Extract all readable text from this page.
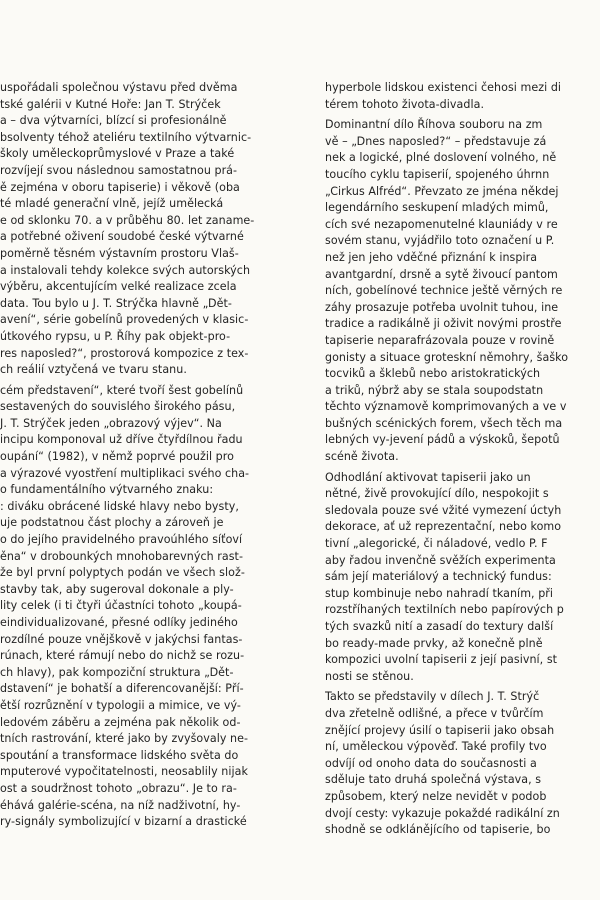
uspořádali společnou výstavu před dvěma
tské galérii v Kutné Hoře: Jan T. Strýček
a – dva výtvarníci, blízcí si profesionálně
bsolventy téhož ateliéru textilního výtvarnic-
školy uměleckoprůmyslové v Praze a také
rozvíjejí svou následnou samostatnou prá-
ě zejména v oboru tapiserie) i věkově (oba
té mladé generační vlně, jejíž umělecká
e od sklonku 70. a v průběhu 80. let zaname-
a potřebné oživení soudobé české výtvarné
poměrně těsném výstavním prostoru Vlaš-
a instalovali tehdy kolekce svých autorských
výběru, akcentujícím velké realizace zcela
data. Tou bylo u J. T. Strýčka hlavně „Dět-
avení“, série gobelínů provedených v klasic-
útkového rypsu, u P. Říhy pak objekt-pro-
res naposled?“, prostorová kompozice z tex-
ch reálií vztyčená ve tvaru stanu.
cém představení“, které tvoří šest gobelínů
sestavených do souvislého širokého pásu,
J. T. Strýček jeden „obrazový výjev“. Na
incipu komponoval už dříve čtyřdílnou řadu
oupání“ (1982), v němž poprvé použil pro
a výrazové vyostření multiplikaci svého cha-
o fundamentálního výtvarného znaku:
: diváku obrácené lidské hlavy nebo bysty,
uje podstatnou část plochy a zároveň je
o do jejího pravidelného pravoúhlého síťoví
ěna“ v drobounkých mnohobarevných rast-
že byl první polyptych podán ve všech slož-
stavby tak, aby sugeroval dokonale a ply-
lity celek (i ti čtyři účastníci tohoto „koupá-
eindividualizované, přesné odlíky jediného
rozdílné pouze vnějškově v jakýchsi fantas-
rúnach, které rámují nebo do nichž se rozu-
ch hlavy), pak kompoziční struktura „Dět-
dstavení“ je bohatší a diferencovanější: Pří-
ětší rozrůznění v typologii a mimice, ve vý-
ledovém záběru a zejména pak několik od-
tních rastrování, které jako by zvyšovaly ne-
spoutání a transformace lidského světa do
mputerové vypočitatelnosti, neosablily nijak
ost a soudržnost tohoto „obrazu“. Je to ra-
éhává galérie-scéna, na níž nadživotní, hy-
ry-signály symbolizující v bizarní a drastické
hyperbole lidskou existenci čehosi mezi di
térem tohoto života-divadla.
Dominantní dílo Říhova souboru na zm
vě – „Dnes naposled?“ – představuje zá
nek a logické, plné doslovení volného, ně
toucího cyklu tapiserií, spojeného úhrnn
„Cirkus Alfréd“. Převzato ze jména někdej
legendárního seskupení mladých mimů,
cích své nezapomenutelné klauniády v re
sovém stanu, vyjádřilo toto označení u P.
než jen jeho vděčné přiznání k inspira
avantgardní, drsně a sytě živoucí pantom
ních, gobelínové technice ještě věrných re
záhy prosazuje potřeba uvolnit tuhou, ine
tradice a radikálně ji oživit novými prostře
tapiserie neparafrázovala pouze v rovině
gonisty a situace groteskní němohry, šaško
tocviků a šklebů nebo aristokratických
a triků, nýbrž aby se stala soupodstatn
těchto významově komprimovaných a ve v
bušných scénických forem, všech těch ma
lebných vy-jevení pádů a výskoků, šepotů
scéně života.
Odhodlání aktivovat tapiserii jako un
nětné, živě provokující dílo, nespokojit s
sledovala pouze své vžité vymezení úctyh
dekorace, ať už reprezentační, nebo komo
tivní „alegorické, či náladové, vedlo P. F
aby řadou invenčně svěžích experimenta
sám její materiálový a technický fundus:
stup kombinuje nebo nahradí tkaním, při
rozstříhaných textilních nebo papírových p
tých svazků nití a zasadí do textury další
bo ready-made prvky, až konečně plně
kompozici uvolní tapiserii z její pasivní, st
nosti se stěnou.
Takto se představily v dílech J. T. Strýč
dva zřetelně odlišné, a přece v tvůrčím
znějící projevy úsilí o tapiserii jako obsah
ní, uměleckou výpověď. Také profily tvo
odvíjí od onoho data do současnosti a
sděluje tato druhá společná výstava, s
způsobem, který nelze nevidět v podob
dvojí cesty: vykazuje pokaždé radikální zn
shodně se odklánějícího od tapiserie, bo
